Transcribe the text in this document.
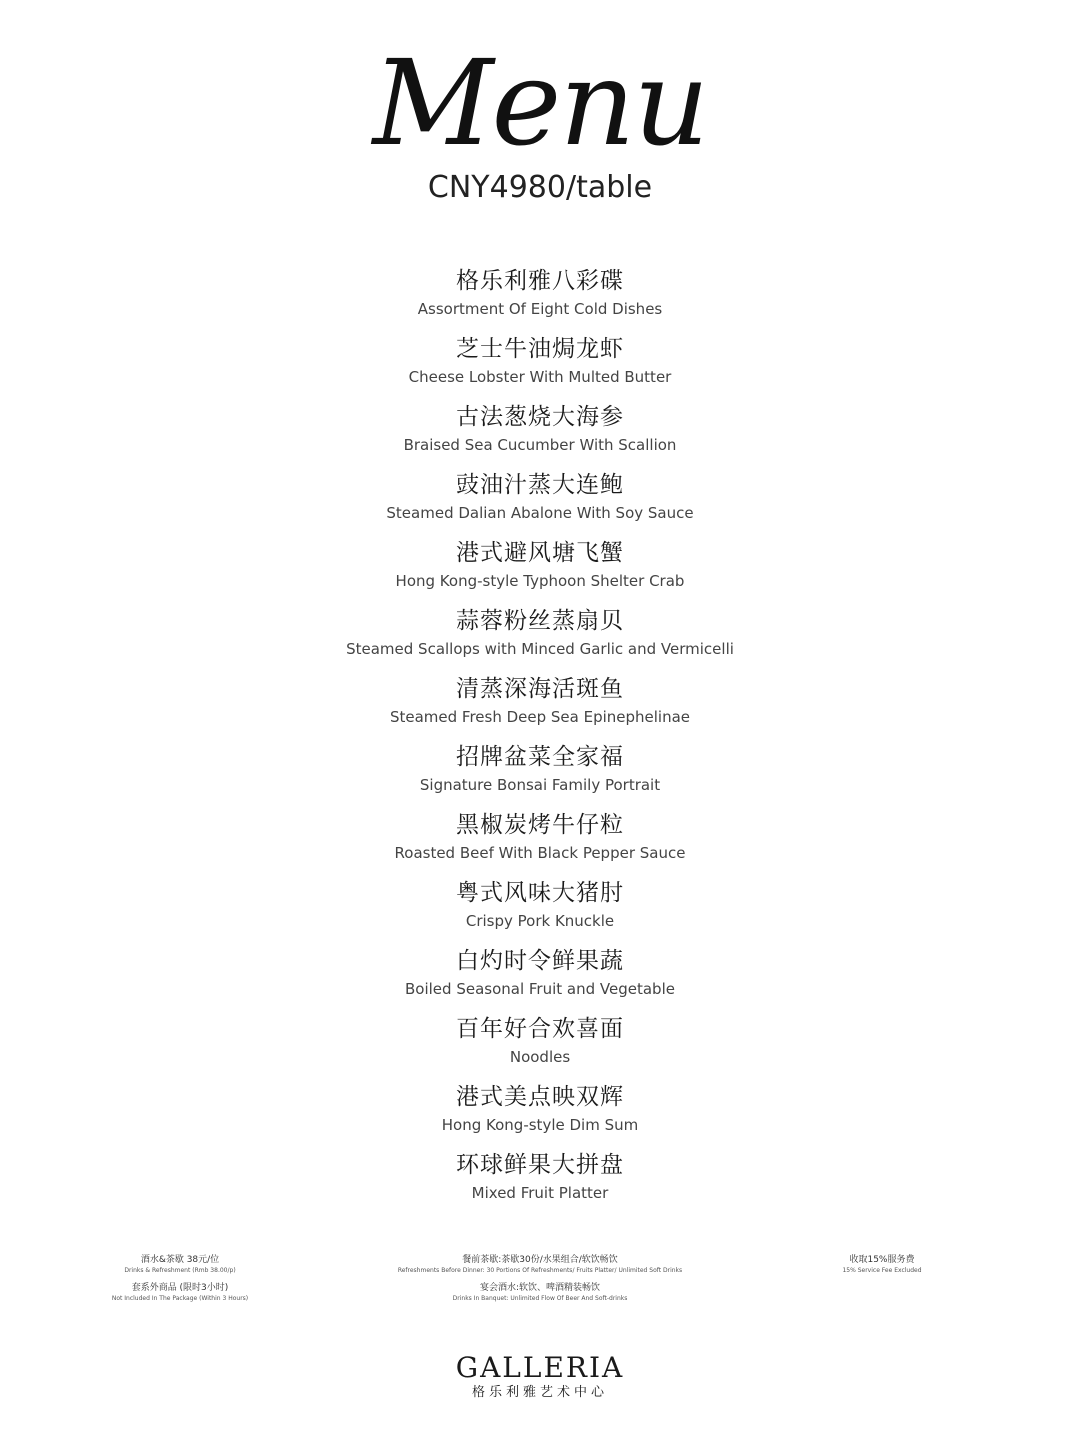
Menu
CNY4980/table
格乐利雅八彩碟
Assortment Of Eight Cold Dishes
芝士牛油焗龙虾
Cheese Lobster With Multed Butter
古法葱烧大海参
Braised Sea Cucumber With Scallion
豉油汁蒸大连鲍
Steamed Dalian Abalone With Soy Sauce
港式避风塘飞蟹
Hong Kong-style Typhoon Shelter Crab
蒜蓉粉丝蒸扇贝
Steamed Scallops with Minced Garlic and Vermicelli
清蒸深海活斑鱼
Steamed Fresh Deep Sea Epinephelinae
招牌盆菜全家福
Signature Bonsai Family Portrait
黑椒炭烤牛仔粒
Roasted Beef With Black Pepper Sauce
粤式风味大猪肘
Crispy Pork Knuckle
白灼时令鲜果蔬
Boiled Seasonal Fruit and Vegetable
百年好合欢喜面
Noodles
港式美点映双辉
Hong Kong-style Dim Sum
环球鲜果大拼盘
Mixed Fruit Platter
酒水&茶歇 38元/位
Drinks & Refreshment (Rmb 38.00/p)
套系外商品 (限时3小时)
Not Included In The Package (Within 3 Hours)
餐前茶歇:茶歇30份/水果组合/软饮畅饮
Refreshments Before Dinner: 30 Portions Of Refreshments/ Fruits Platter/ Unlimited Soft Drinks
宴会酒水:软饮、啤酒精装畅饮
Drinks In Banquet: Unlimited Flow Of Beer And Soft-drinks
收取15%服务费
15% Service Fee Excluded
GALLERIA
格乐利雅艺术中心
